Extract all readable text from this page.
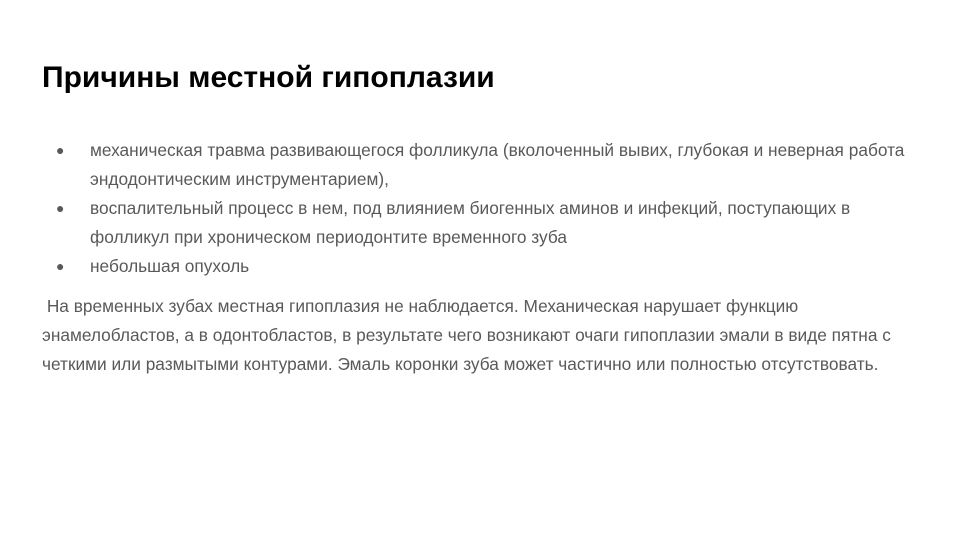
Причины местной гипоплазии
● механическая травма развивающегося фолликула (вколоченный вывих, глубокая и неверная работа эндодонтическим инструментарием),
● воспалительный процесс в нем, под влиянием биогенных аминов и инфекций, поступающих в фолликул при хроническом периодонтите временного зуба
● небольшая опухоль

На временных зубах местная гипоплазия не наблюдается. Механическая нарушает функцию энамелобластов, а в одонтобластов, в результате чего возникают очаги гипоплазии эмали в виде пятна с четкими или размытыми контурами. Эмаль коронки зуба может частично или полностью отсутствовать.
